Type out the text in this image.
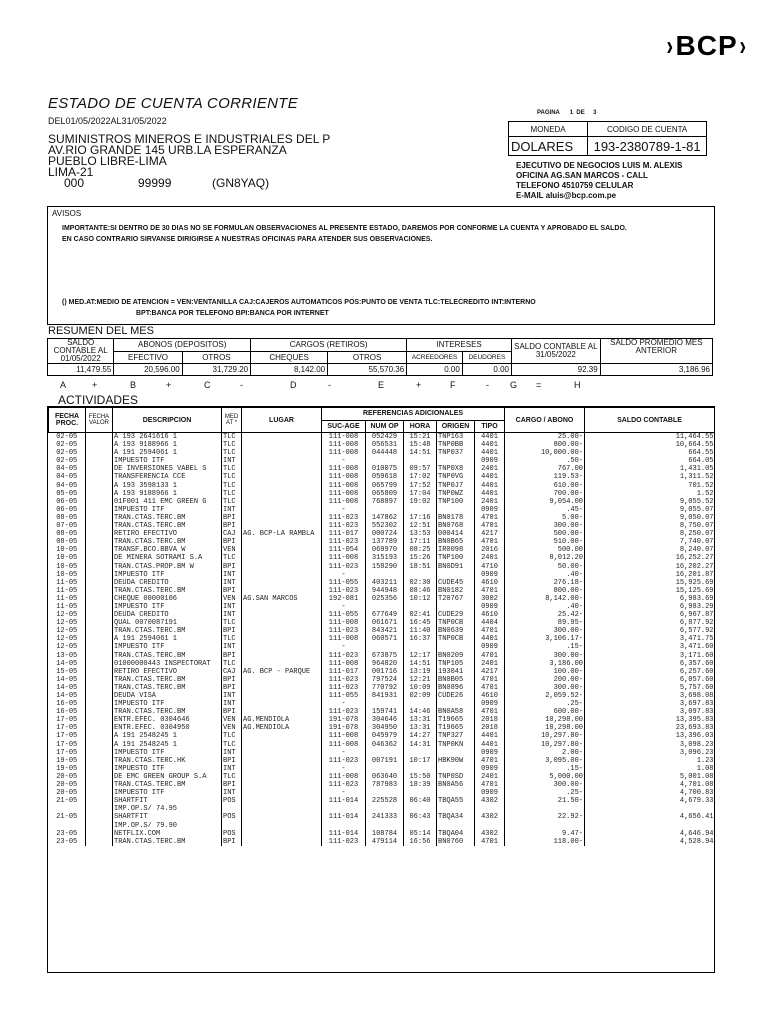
›BCP›
ESTADO DE CUENTA CORRIENTE
DEL01/05/2022AL31/05/2022
SUMINISTROS MINEROS E INDUSTRIALES DEL P
AV.RIO GRANDE 145 URB.LA ESPERANZA
PUEBLO LIBRE-LIMA
LIMA-21
000	99999	(GN8YAQ)
PAGINA 1 DE 3
MONEDA	CODIGO DE CUENTA
DOLARES	193-2380789-1-81
EJECUTIVO DE NEGOCIOS LUIS M. ALEXIS
OFICINA AG.SAN MARCOS - CALL
TELEFONO 4510759 CELULAR
E-MAIL aluis@bcp.com.pe
AVISOS
IMPORTANTE:SI DENTRO DE 30 DIAS NO SE FORMULAN OBSERVACIONES AL PRESENTE ESTADO, DAREMOS POR CONFORME LA CUENTA Y APROBADO EL SALDO.
EN CASO CONTRARIO SIRVANSE DIRIGIRSE A NUESTRAS OFICINAS PARA ATENDER SUS OBSERVACIONES.
() MED.AT:MEDIO DE ATENCION = VEN:VENTANILLA CAJ:CAJEROS AUTOMATICOS POS:PUNTO DE VENTA TLC:TELECREDITO INT:INTERNO
BPT:BANCA POR TELEFONO BPI:BANCA POR INTERNET
RESUMEN DEL MES
SALDO CONTABLE AL
01/05/2022	ABONOS (DEPOSITOS)		CARGOS (RETIROS)		INTERESES		SALDO CONTABLE AL
31/05/2022	SALDO PROMEDIO MES ANTERIOR
	EFECTIVO	OTROS	CHEQUES	OTROS	ACREEDORES	DEUDORES		
11,479.55	20,596.00	31,729.20	8,142.00	55,570.36	0.00	0.00	92.39	3,186.96
A	+	B	+	C	-	D	-	E	+	F	- G =	H
ACTIVIDADES
FECHA PROC.	FECHA VALOR	DESCRIPCION	MED AT *	LUGAR	REFERENCIAS ADICIONALES					CARGO / ABONO	SALDO CONTABLE
					SUC-AGE	NUM OP	HORA	ORIGEN	TIPO		
02-05		A 193 2641616 1	TLC		111-008	052429	15:21	TNP163	4401	25.00-	11,464.55
02-05		A 193 9188966 1	TLC		111-008	056531	15:48	TNP0BB	4401	800.00-	10,664.55
02-05		A 191 2594061 1	TLC		111-008	044448	14:51	TNP037	4401	10,000.00-	664.55
02-05		IMPUESTO ITF	INT		-				0909	.50-	664.05
04-05		DE INVERSIONES VABEL S	TLC		111-008	010075	09:57	TNP0X8	2401	767.00	1,431.05
04-05		TRANSFERENCIA CCE	TLC		111-008	059618	17:02	TNP0VG	4401	119.53-	1,311.52
04-05		A 193 3598133 1	TLC		111-008	065799	17:52	TNP0J7	4401	610.00-	701.52
05-05		A 193 9188966 1	TLC		111-008	065809	17:04	TNP0WZ	4401	700.00-	1.52
06-05		01F001 411 EMC GREEN G	TLC		111-008	768897	19:02	TNP100	2401	9,054.00	9,055.52
06-05		IMPUESTO ITF	INT		-				0909	.45-	9,055.07
08-05		TRAN.CTAS.TERC.BM	BPI		111-023	147862	17:16	BN0178	4701	5.00-	9,050.07
07-05		TRAN.CTAS.TERC.BM	BPI		111-023	552302	12:51	BN0768	4701	300.00-	8,750.07
08-05		RETIRO EFECTIVO	CAJ	AG. BCP-LA RAMBLA	111-017	000724	13:53	000414	4217	500.00-	8,250.07
08-05		TRAN.CTAS.TERC.BM	BPI		111-023	137789	17:11	BN0B65	4701	510.00-	7,740.07
10-05		TRANSF.BCO.BBVA W	VEN		111-054	069970	08:25	IR0098	2016	500.00	8,240.07
10-05		DE MINERA SOTRAMI S.A	TLC		111-008	315193	15:26	TNP100	2401	8,012.20	16,252.27
10-05		TRAN.CTAS.PROP.BM W	BPI		111-023	158290	18:51	BN0D91	4710	50.00-	16,202.27
10-05		IMPUESTO ITF	INT		-				0909	.40-	16,201.87
11-05		DEUDA CREDITO	INT		111-055	403211	02:30	CUDE45	4610	276.18-	15,925.69
11-05		TRAN.CTAS.TERC.BM	BPI		111-023	944948	08:46	BN0182	4701	800.00-	15,125.69
11-05		CHEQUE 00000106	VEN	AG.SAN MARCOS	192-081	025356	10:12	T20767	3002	8,142.00-	6,983.69
11-05		IMPUESTO ITF	INT		-				0909	.40-	6,983.29
12-05		DEUDA CREDITO	INT		111-055	677649	02:41	CUDE29	4610	25.42-	6,967.87
12-05		QUAL 0070087191	TLC		111-008	061671	16:45	TNP0CB	4404	89.95-	6,877.92
12-05		TRAN.CTAS.TERC.BM	BPI		111-023	843421	11:40	BN0639	4701	300.00-	6,577.92
12-05		A 191 2594061 1	TLC		111-008	060571	16:37	TNP0CB	4401	3,106.17-	3,471.75
12-05		IMPUESTO ITF	INT		-				0909	.15-	3,471.60
13-05		TRAN.CTAS.TERC.BM	BPI		111-023	673875	12:17	BN0209	4701	300.00-	3,171.60
14-05		01000000443 INSPECTORAT	TLC		111-008	964820	14:51	TNP105	2401	3,186.00	6,357.60
15-05		RETIRO EFECTIVO	CAJ	AG. BCP - PARQUE	111-017	001716	13:19	193041	4217	100.00-	6,257.60
14-05		TRAN.CTAS.TERC.BM	BPI		111-023	797524	12:21	BN0B05	4701	200.00-	6,057.60
14-05		TRAN.CTAS.TERC.BM	BPI		111-023	770792	10:09	BN0896	4701	300.00-	5,757.60
14-05		DEUDA VISA	INT		111-055	841931	02:09	CUDE26	4610	2,059.52-	3,698.08
16-05		IMPUESTO ITF	INT		-				0909	.25-	3,697.83
16-05		TRAN.CTAS.TERC.BM	BPI		111-023	159741	14:46	BN0A58	4701	600.00-	3,097.83
17-05		ENTR.EFEC. 0304646	VEN	AG.MENDIOLA	191-078	304646	13:31	T19665	2018	10,298.00	13,395.83
17-05		ENTR.EFEC. 0304950	VEN	AG.MENDIOLA	191-078	304950	13:31	T19665	2018	10,298.00	23,693.83
17-05		A 191 2548245 1	TLC		111-008	045979	14:27	TNP327	4401	10,297.80-	13,396.03
17-05		A 191 2548245 1	TLC		111-008	046362	14:31	TNP0KN	4401	10,297.80-	3,098.23
17-05		IMPUESTO ITF	INT		-				0909	2.00-	3,096.23
19-05		TRAN.CTAS.TERC.HK	BPI		111-023	007191	10:17	HBK90W	4701	3,095.00-	1.23
19-05		IMPUESTO ITF	INT		-				0909	.15-	1.08
20-05		DE EMC GREEN GROUP S.A	TLC		111-008	063640	15:50	TNP0SD	2401	5,000.00	5,001.08
20-05		TRAN.CTAS.TERC.BM	BPI		111-023	787983	18:39	BN0A56	4701	300.00-	4,701.08
20-05		IMPUESTO ITF	INT		-				0909	.25-	4,700.83
21-05		SHARTFIT	POS		111-014	225528	06:40	TBQA55	4302	21.50-	4,679.33
		IMP.OP.S/ 74.95									
21-05		SHARTFIT	POS		111-014	241333	06:43	TBQA34	4302	22.92-	4,656.41
		IMP.OP.S/ 79.90									
23-05		NETFLIX.COM	POS		111-014	108784	05:14	TBQA04	4302	9.47-	4,646.94
23-05		TRAN.CTAS.TERC.BM	BPI		111-023	479114	16:56	BN0760	4701	118.00-	4,528.94
